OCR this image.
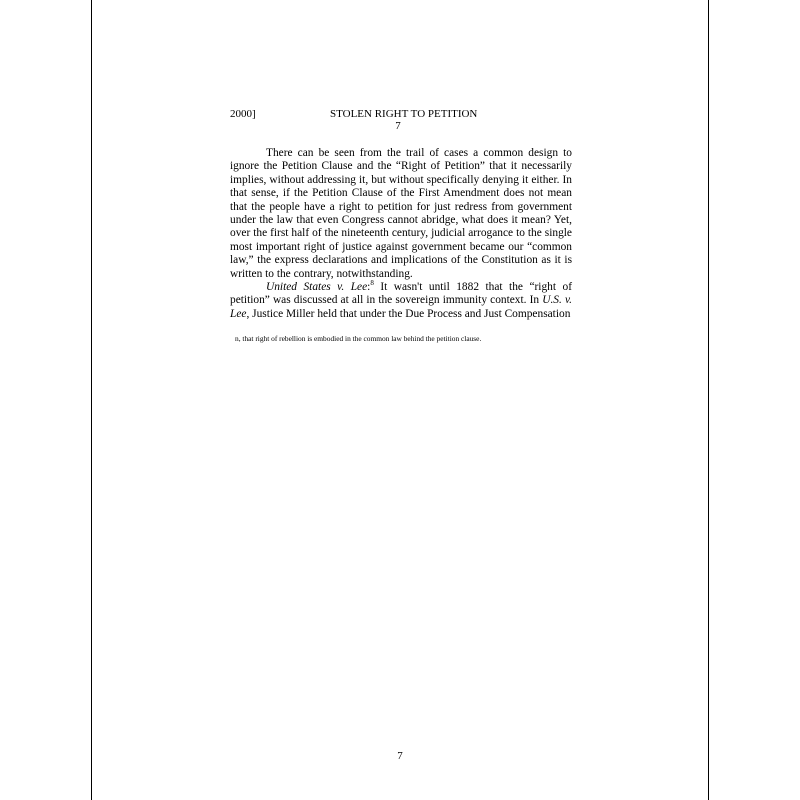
2000]	STOLEN RIGHT TO PETITION
7

There can be seen from the trail of cases a common design to ignore the Petition Clause and the “Right of Petition” that it necessarily implies, without addressing it, but without specifically denying it either. In that sense, if the Petition Clause of the First Amendment does not mean that the people have a right to petition for just redress from government under the law that even Congress cannot abridge, what does it mean? Yet, over the first half of the nineteenth century, judicial arrogance to the single most important right of justice against government became our “common law,” the express declarations and implications of the Constitution as it is written to the contrary, notwithstanding.

United States v. Lee:$^8$ It wasn't until 1882 that the “right of petition” was discussed at all in the sovereign immunity context. In U.S. v. Lee, Justice Miller held that under the Due Process and Just Compensation

n, that right of rebellion is embodied in the common law behind the petition clause.
7
